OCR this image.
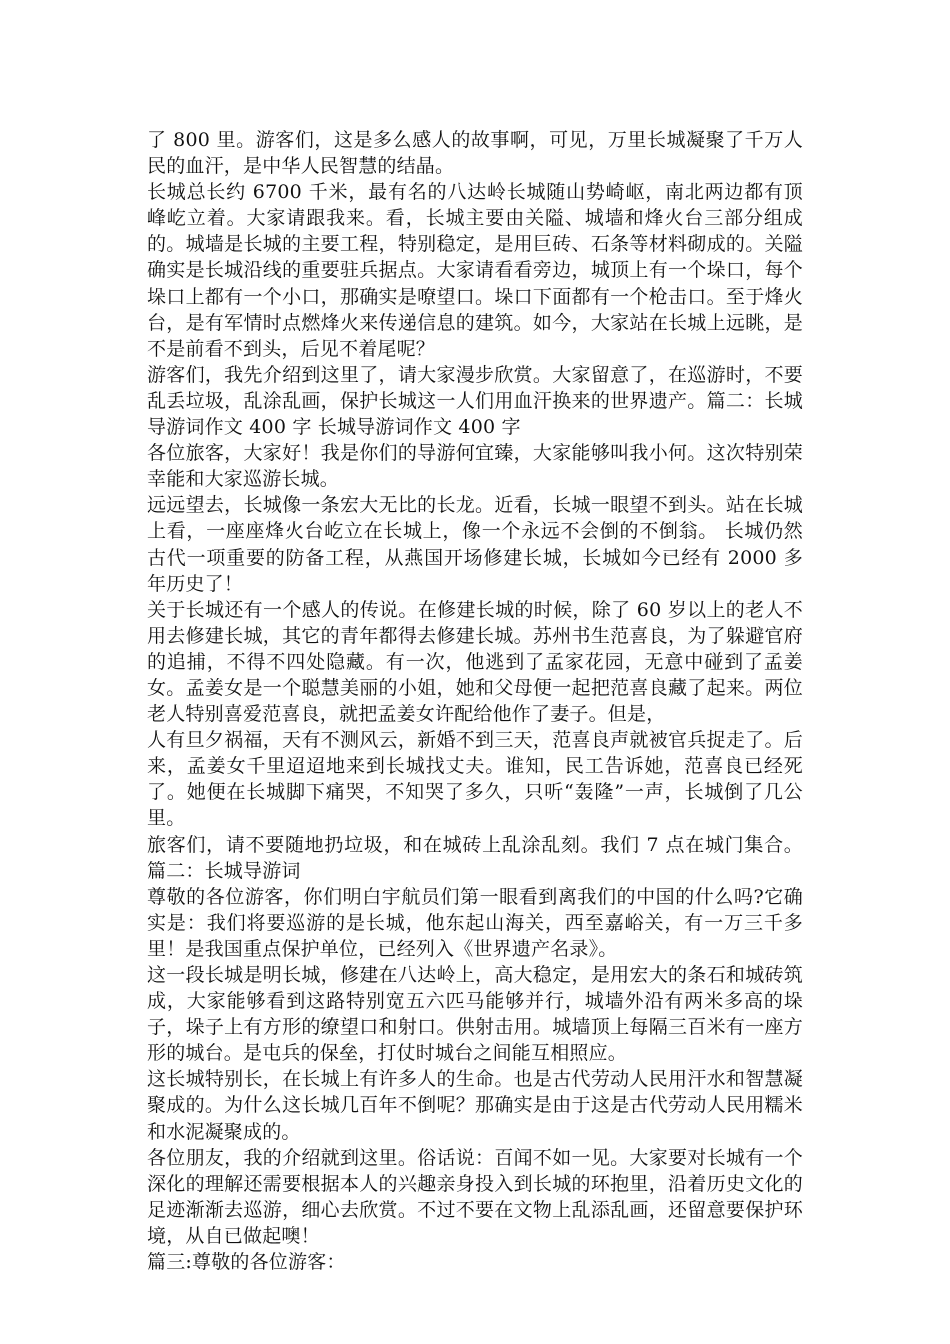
了 800 里。游客们，这是多么感人的故事啊，可见，万里长城凝聚了千万人民的血汗，是中华人民智慧的结晶。

长城总长约 6700 千米，最有名的八达岭长城随山势崎岖，南北两边都有顶峰屹立着。大家请跟我来。看，长城主要由关隘、城墙和烽火台三部分组成的。城墙是长城的主要工程，特别稳定，是用巨砖、石条等材料砌成的。关隘确实是长城沿线的重要驻兵据点。大家请看看旁边，城顶上有一个垛口，每个垛口上都有一个小口，那确实是嘹望口。垛口下面都有一个枪击口。至于烽火台，是有军情时点燃烽火来传递信息的建筑。如今，大家站在长城上远眺，是不是前看不到头，后见不着尾呢？

游客们，我先介绍到这里了，请大家漫步欣赏。大家留意了，在巡游时，不要乱丢垃圾，乱涂乱画，保护长城这一人们用血汗换来的世界遗产。篇二：长城导游词作文 400 字 长城导游词作文 400 字

各位旅客，大家好！我是你们的导游何宜臻，大家能够叫我小何。这次特别荣幸能和大家巡游长城。

远远望去，长城像一条宏大无比的长龙。近看，长城一眼望不到头。站在长城上看，一座座烽火台屹立在长城上，像一个永远不会倒的不倒翁。 长城仍然古代一项重要的防备工程，从燕国开场修建长城，长城如今已经有 2000 多年历史了！

关于长城还有一个感人的传说。在修建长城的时候，除了 60 岁以上的老人不用去修建长城，其它的青年都得去修建长城。苏州书生范喜良，为了躲避官府的追捕，不得不四处隐藏。有一次，他逃到了孟家花园，无意中碰到了孟姜女。孟姜女是一个聪慧美丽的小姐，她和父母便一起把范喜良藏了起来。两位老人特别喜爱范喜良，就把孟姜女许配给他作了妻子。但是，

人有旦夕祸福，天有不测风云，新婚不到三天，范喜良声就被官兵捉走了。后来，孟姜女千里迢迢地来到长城找丈夫。谁知，民工告诉她，范喜良已经死了。她便在长城脚下痛哭，不知哭了多久，只听“轰隆”一声，长城倒了几公里。

旅客们，请不要随地扔垃圾，和在城砖上乱涂乱刻。我们 7 点在城门集合。篇二：长城导游词

尊敬的各位游客，你们明白宇航员们第一眼看到离我们的中国的什么吗?它确实是：我们将要巡游的是长城，他东起山海关，西至嘉峪关，有一万三千多里！是我国重点保护单位，已经列入《世界遗产名录》。

这一段长城是明长城，修建在八达岭上，高大稳定，是用宏大的条石和城砖筑成，大家能够看到这路特别宽五六匹马能够并行，城墙外沿有两米多高的垛子，垛子上有方形的缭望口和射口。供射击用。城墙顶上每隔三百米有一座方形的城台。是屯兵的保垒，打仗时城台之间能互相照应。

这长城特别长，在长城上有许多人的生命。也是古代劳动人民用汗水和智慧凝聚成的。为什么这长城几百年不倒呢？那确实是由于这是古代劳动人民用糯米和水泥凝聚成的。

各位朋友，我的介绍就到这里。俗话说：百闻不如一见。大家要对长城有一个深化的理解还需要根据本人的兴趣亲身投入到长城的环抱里，沿着历史文化的足迹渐渐去巡游，细心去欣赏。不过不要在文物上乱添乱画，还留意要保护环境，从自已做起噢！

篇三:尊敬的各位游客：
